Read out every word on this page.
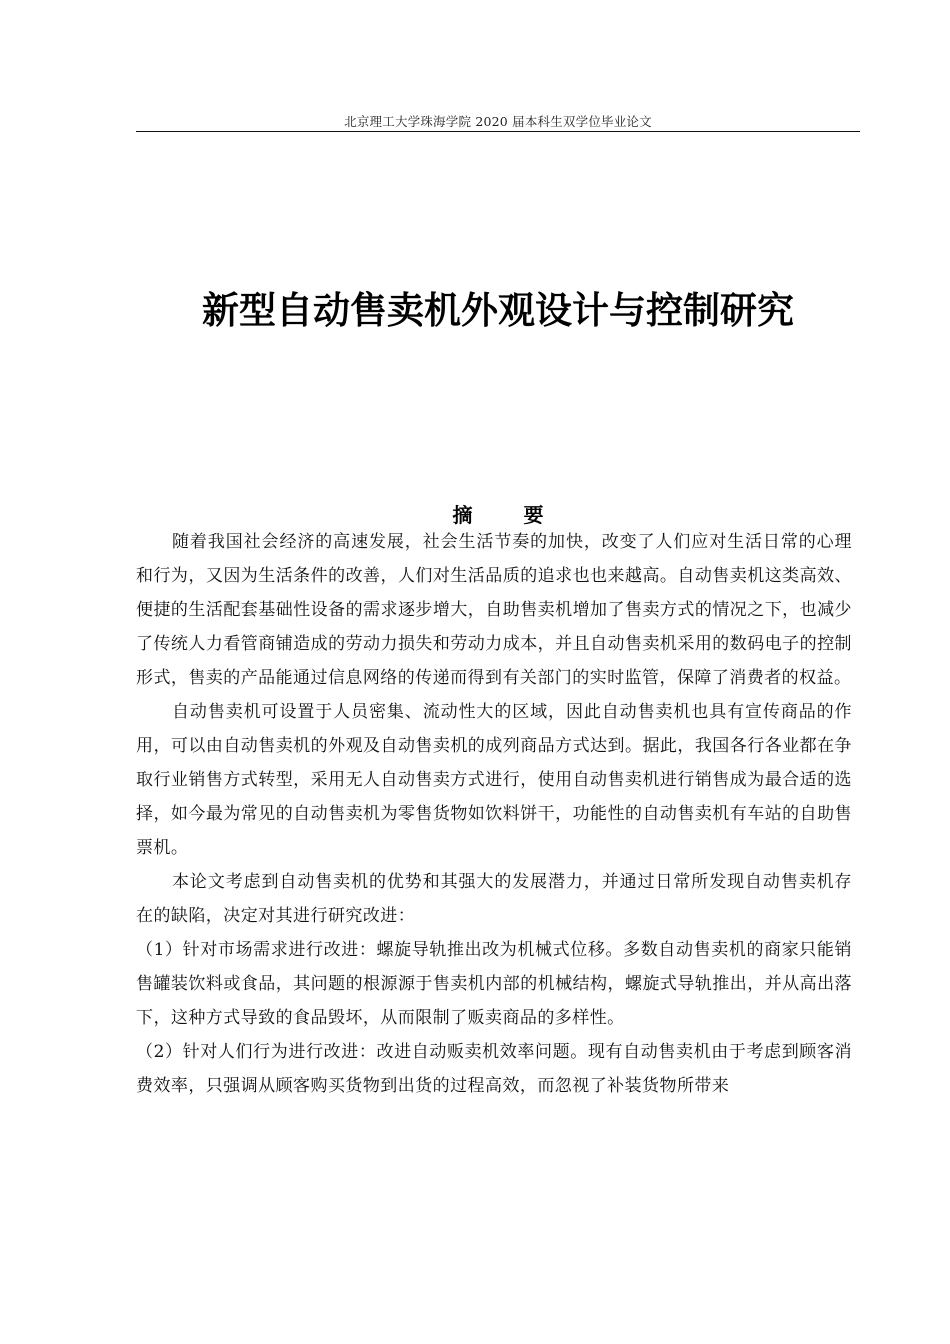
北京理工大学珠海学院 2020 届本科生双学位毕业论文
新型自动售卖机外观设计与控制研究
摘 要

随着我国社会经济的高速发展，社会生活节奏的加快，改变了人们应对生活日常的心理和行为，又因为生活条件的改善，人们对生活品质的追求也也来越高。自动售卖机这类高效、便捷的生活配套基础性设备的需求逐步增大，自助售卖机增加了售卖方式的情况之下，也减少了传统人力看管商铺造成的劳动力损失和劳动力成本，并且自动售卖机采用的数码电子的控制形式，售卖的产品能通过信息网络的传递而得到有关部门的实时监管，保障了消费者的权益。

自动售卖机可设置于人员密集、流动性大的区域，因此自动售卖机也具有宣传商品的作用，可以由自动售卖机的外观及自动售卖机的成列商品方式达到。据此，我国各行各业都在争取行业销售方式转型，采用无人自动售卖方式进行，使用自动售卖机进行销售成为最合适的选择，如今最为常见的自动售卖机为零售货物如饮料饼干，功能性的自动售卖机有车站的自助售票机。

本论文考虑到自动售卖机的优势和其强大的发展潜力，并通过日常所发现自动售卖机存在的缺陷，决定对其进行研究改进：

（1）针对市场需求进行改进：螺旋导轨推出改为机械式位移。多数自动售卖机的商家只能销售罐装饮料或食品，其问题的根源源于售卖机内部的机械结构，螺旋式导轨推出，并从高出落下，这种方式导致的食品毁坏，从而限制了贩卖商品的多样性。

（2）针对人们行为进行改进：改进自动贩卖机效率问题。现有自动售卖机由于考虑到顾客消费效率，只强调从顾客购买货物到出货的过程高效，而忽视了补装货物所带来
